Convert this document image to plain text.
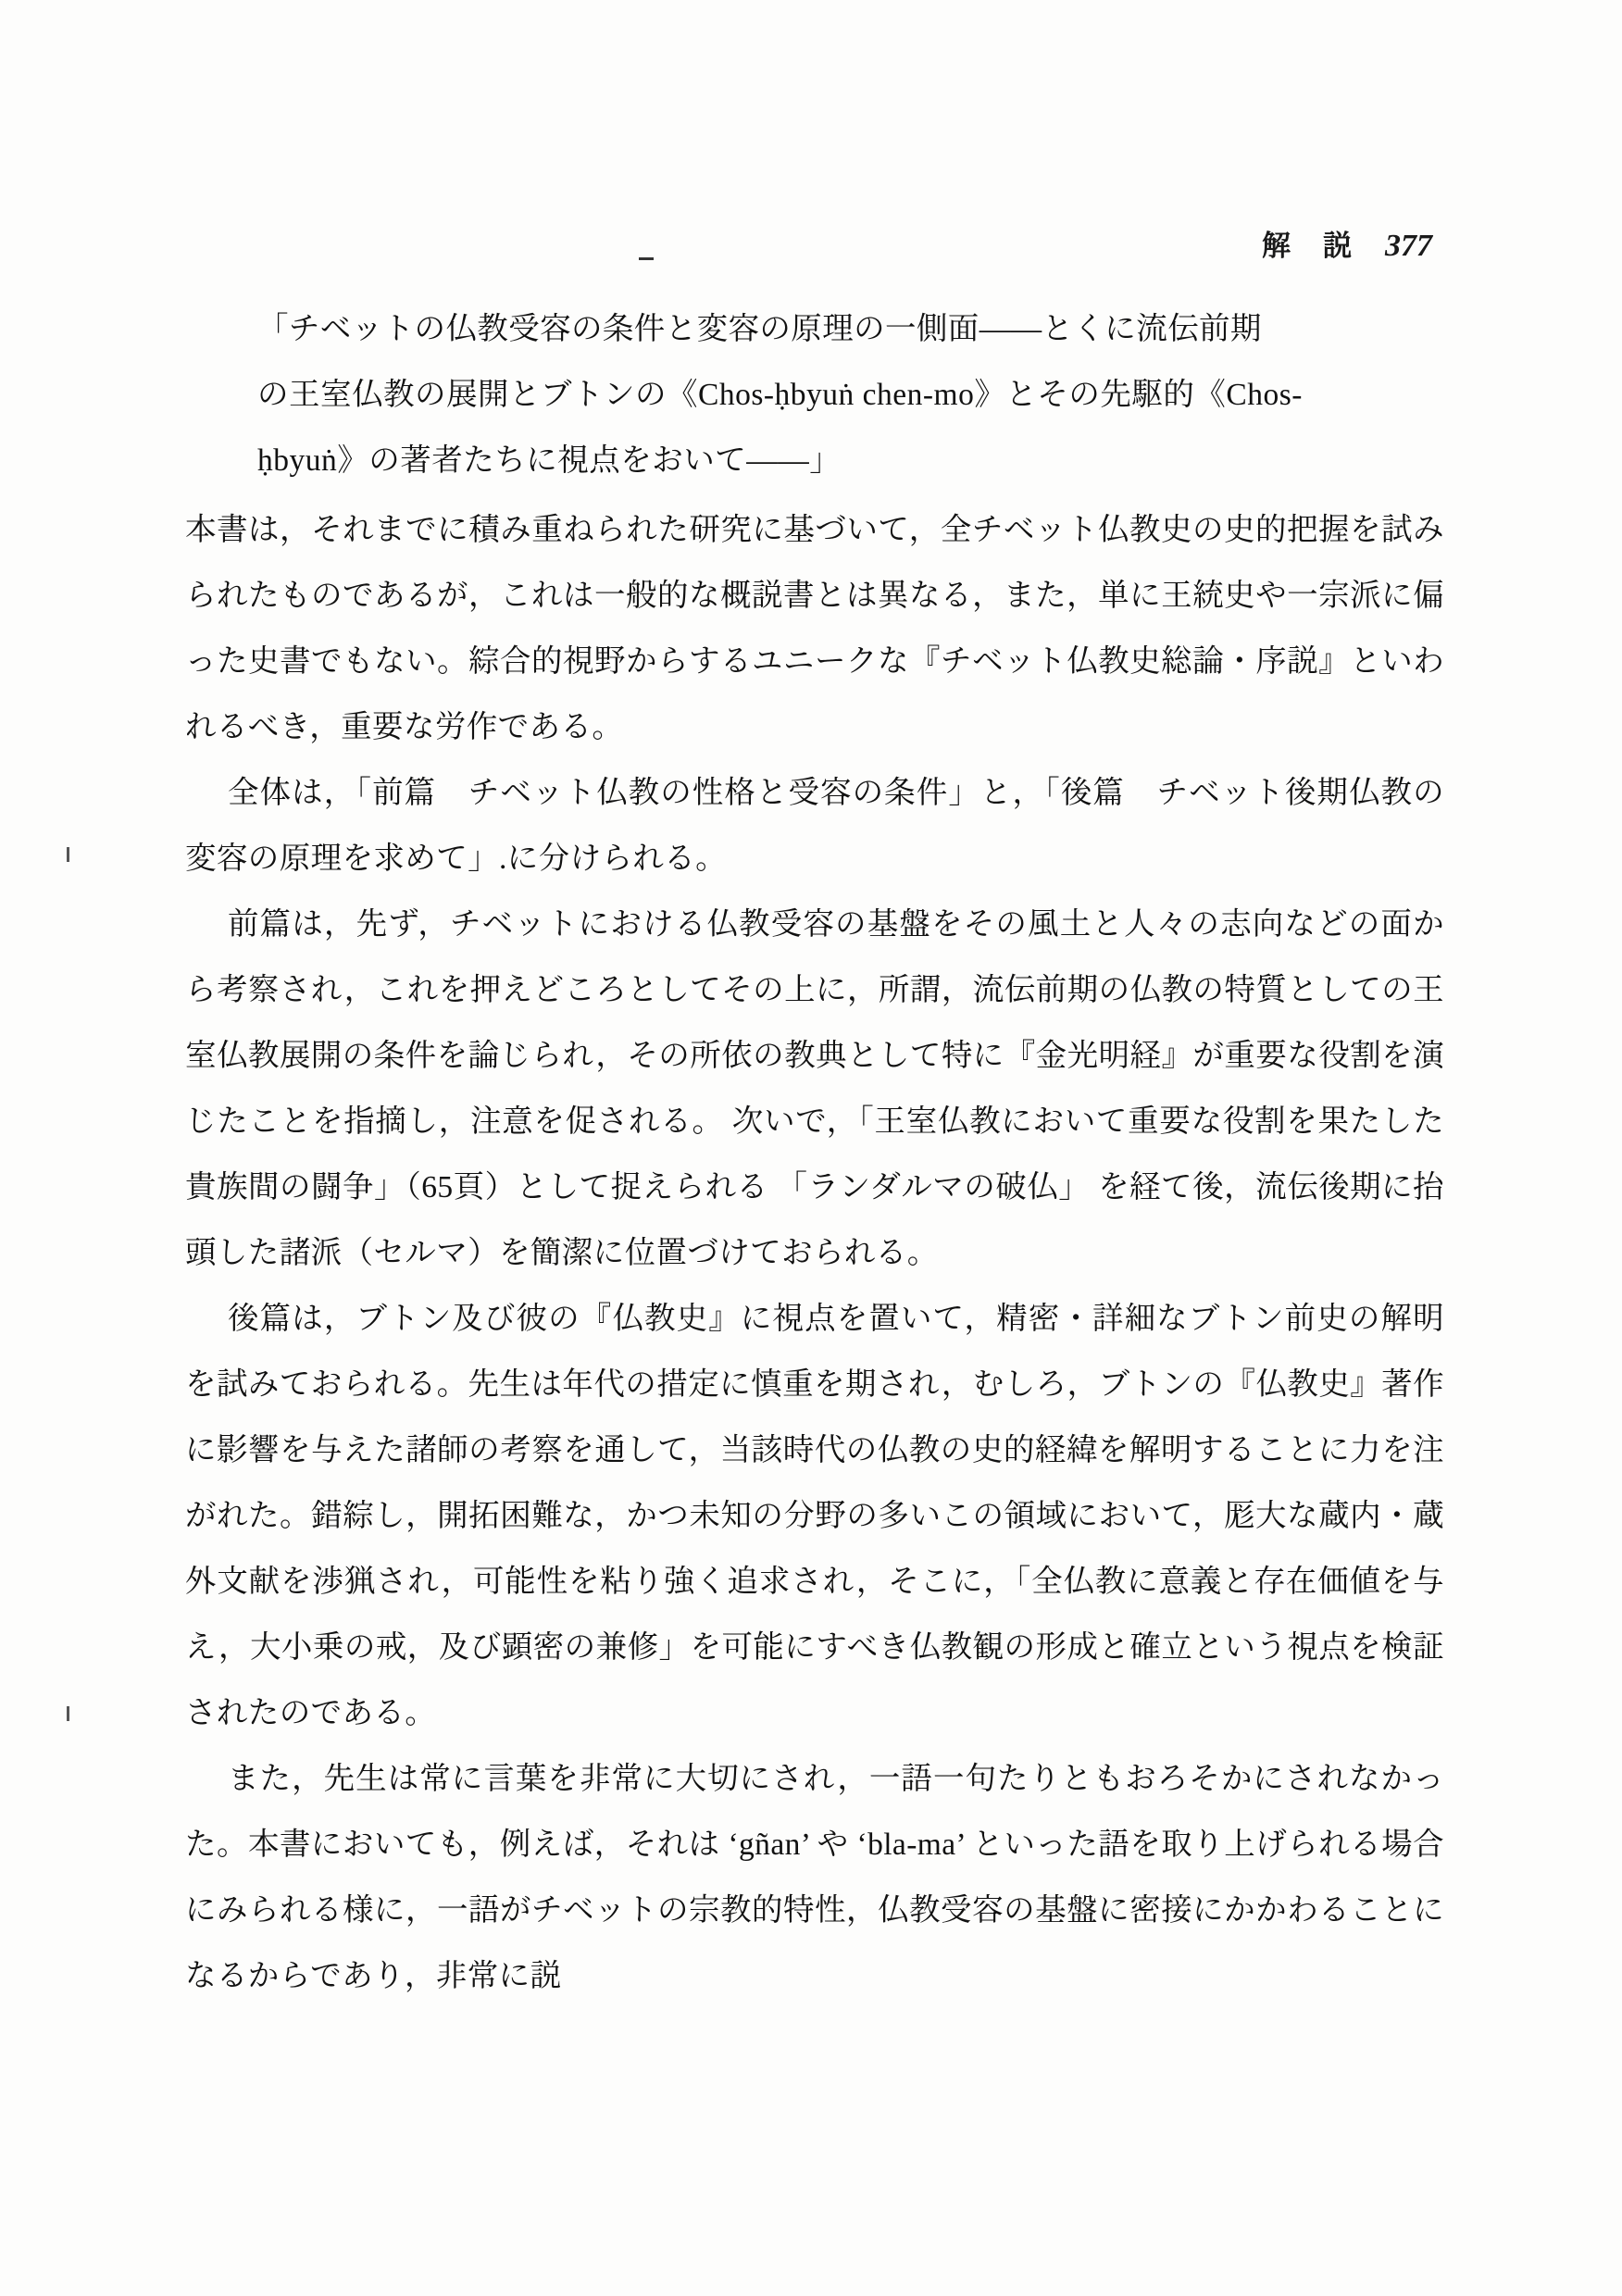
解　説 377

「チベットの仏教受容の条件と変容の原理の一側面——とくに流伝前期

の王室仏教の展開とブトンの《Chos-ḥbyuṅ chen-mo》とその先駆的《Chos-

ḥbyuṅ》の著者たちに視点をおいて——」

本書は，それまでに積み重ねられた研究に基づいて，全チベット仏教史の史的把握を試みられたものであるが，これは一般的な概説書とは異なる，また，単に王統史や一宗派に偏った史書でもない。綜合的視野からするユニークな『チベット仏教史総論・序説』といわれるべき，重要な労作である。

全体は，「前篇　チベット仏教の性格と受容の条件」と，「後篇　チベット後期仏教の変容の原理を求めて」.に分けられる。

前篇は，先ず，チベットにおける仏教受容の基盤をその風土と人々の志向などの面から考察され，これを押えどころとしてその上に，所謂，流伝前期の仏教の特質としての王室仏教展開の条件を論じられ，その所依の教典として特に『金光明経』が重要な役割を演じたことを指摘し，注意を促される。 次いで，「王室仏教において重要な役割を果たした貴族間の闘争」（65頁）として捉えられる 「ランダルマの破仏」 を経て後，流伝後期に抬頭した諸派（セルマ）を簡潔に位置づけておられる。

後篇は，ブトン及び彼の『仏教史』に視点を置いて，精密・詳細なブトン前史の解明を試みておられる。先生は年代の措定に慎重を期され，むしろ，ブトンの『仏教史』著作に影響を与えた諸師の考察を通して，当該時代の仏教の史的経緯を解明することに力を注がれた。錯綜し，開拓困難な，かつ未知の分野の多いこの領域において，厖大な蔵内・蔵外文献を渉猟され，可能性を粘り強く追求され，そこに，「全仏教に意義と存在価値を与え，大小乗の戒，及び顕密の兼修」を可能にすべき仏教観の形成と確立という視点を検証されたのである。

また，先生は常に言葉を非常に大切にされ，一語一句たりともおろそかにされなかった。本書においても，例えば，それは ‘gñan’ や ‘bla-ma’ といった語を取り上げられる場合にみられる様に，一語がチベットの宗教的特性，仏教受容の基盤に密接にかかわることになるからであり，非常に説
